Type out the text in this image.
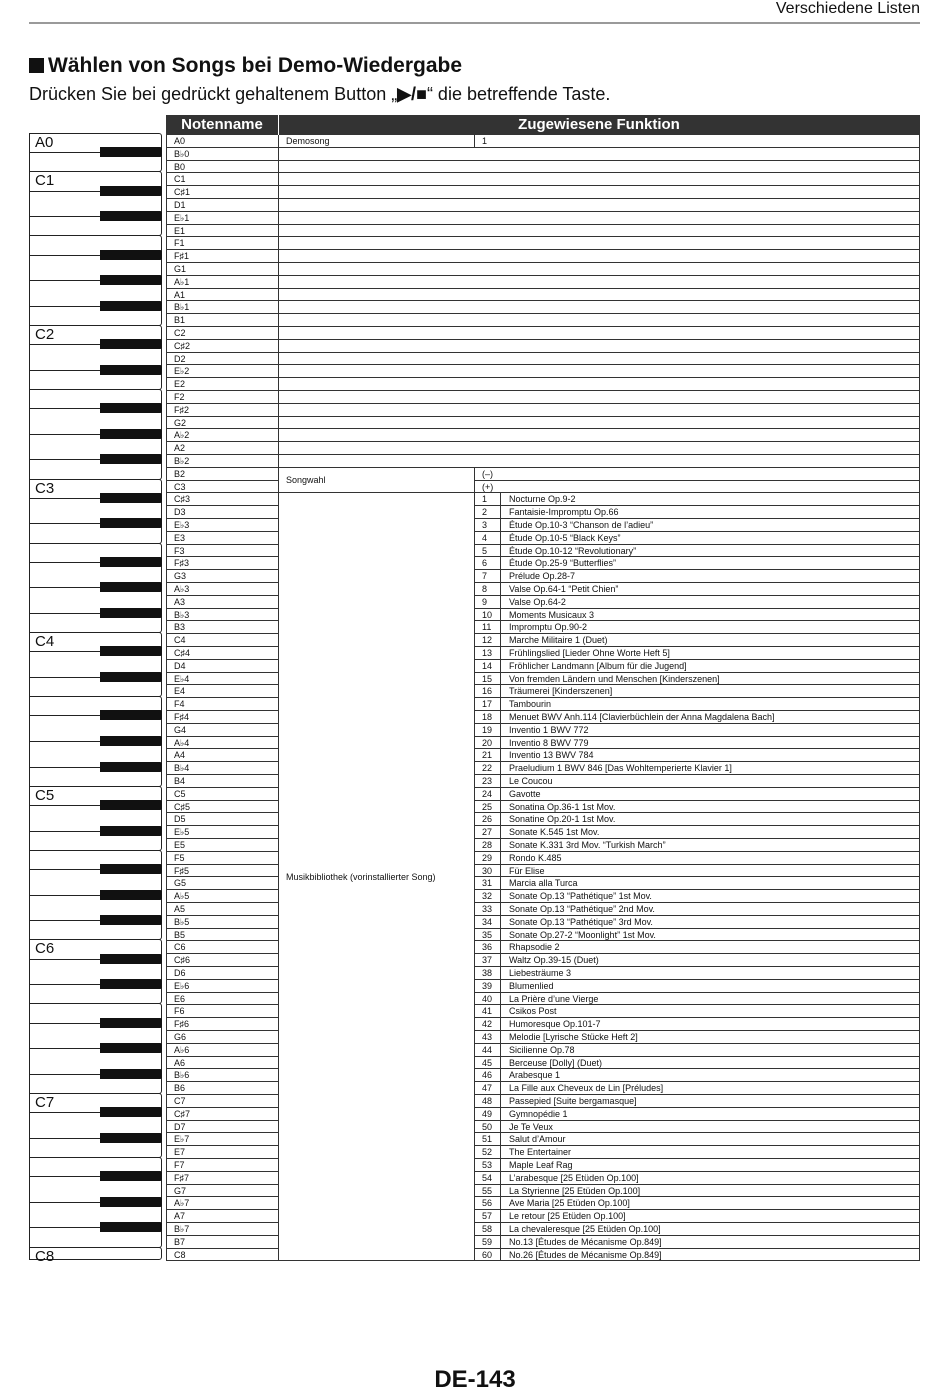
Verschiedene Listen
Wählen von Songs bei Demo-Wiedergabe
Drücken Sie bei gedrückt gehaltenem Button „▶/■“ die betreffende Taste.
A0
C1
C2
C3
C4
C5
C6
C7
C8
Notenname	Zugewiesene Funktion
A0
B♭0
B0
C1
C♯1
D1
E♭1
E1
F1
F♯1
G1
A♭1
A1
B♭1
B1
C2
C♯2
D2
E♭2
E2
F2
F♯2
G2
A♭2
A2
B♭2
B2
C3
C♯3
D3
E♭3
E3
F3
F♯3
G3
A♭3
A3
B♭3
B3
C4
C♯4
D4
E♭4
E4
F4
F♯4
G4
A♭4
A4
B♭4
B4
C5
C♯5
D5
E♭5
E5
F5
F♯5
G5
A♭5
A5
B♭5
B5
C6
C♯6
D6
E♭6
E6
F6
F♯6
G6
A♭6
A6
B♭6
B6
C7
C♯7
D7
E♭7
E7
F7
F♯7
G7
A♭7
A7
B♭7
B7
C8
Demosong	1
Songwahl
(–)
(+)
Musikbibliothek (vorinstallierter Song)
1 Nocturne Op.9-2
2 Fantaisie-Impromptu Op.66
3 Étude Op.10-3 “Chanson de l’adieu”
4 Étude Op.10-5 “Black Keys”
5 Étude Op.10-12 “Revolutionary”
6 Étude Op.25-9 “Butterflies”
7 Prélude Op.28-7
8 Valse Op.64-1 “Petit Chien”
9 Valse Op.64-2
10 Moments Musicaux 3
11 Impromptu Op.90-2
12 Marche Militaire 1 (Duet)
13 Frühlingslied [Lieder Ohne Worte Heft 5]
14 Fröhlicher Landmann [Album für die Jugend]
15 Von fremden Ländern und Menschen [Kinderszenen]
16 Träumerei [Kinderszenen]
17 Tambourin
18 Menuet BWV Anh.114 [Clavierbüchlein der Anna Magdalena Bach]
19 Inventio 1 BWV 772
20 Inventio 8 BWV 779
21 Inventio 13 BWV 784
22 Praeludium 1 BWV 846 [Das Wohltemperierte Klavier 1]
23 Le Coucou
24 Gavotte
25 Sonatina Op.36-1 1st Mov.
26 Sonatine Op.20-1 1st Mov.
27 Sonate K.545 1st Mov.
28 Sonate K.331 3rd Mov. “Turkish March”
29 Rondo K.485
30 Für Elise
31 Marcia alla Turca
32 Sonate Op.13 “Pathétique” 1st Mov.
33 Sonate Op.13 “Pathétique” 2nd Mov.
34 Sonate Op.13 “Pathétique” 3rd Mov.
35 Sonate Op.27-2 “Moonlight” 1st Mov.
36 Rhapsodie 2
37 Waltz Op.39-15 (Duet)
38 Liebesträume 3
39 Blumenlied
40 La Prière d’une Vierge
41 Csikos Post
42 Humoresque Op.101-7
43 Melodie [Lyrische Stücke Heft 2]
44 Sicilienne Op.78
45 Berceuse [Dolly] (Duet)
46 Arabesque 1
47 La Fille aux Cheveux de Lin [Préludes]
48 Passepied [Suite bergamasque]
49 Gymnopédie 1
50 Je Te Veux
51 Salut d’Amour
52 The Entertainer
53 Maple Leaf Rag
54 L’arabesque [25 Etüden Op.100]
55 La Styrienne [25 Etüden Op.100]
56 Ave Maria [25 Etüden Op.100]
57 Le retour [25 Etüden Op.100]
58 La chevaleresque [25 Etüden Op.100]
59 No.13 [Études de Mécanisme Op.849]
60 No.26 [Études de Mécanisme Op.849]
DE-143
